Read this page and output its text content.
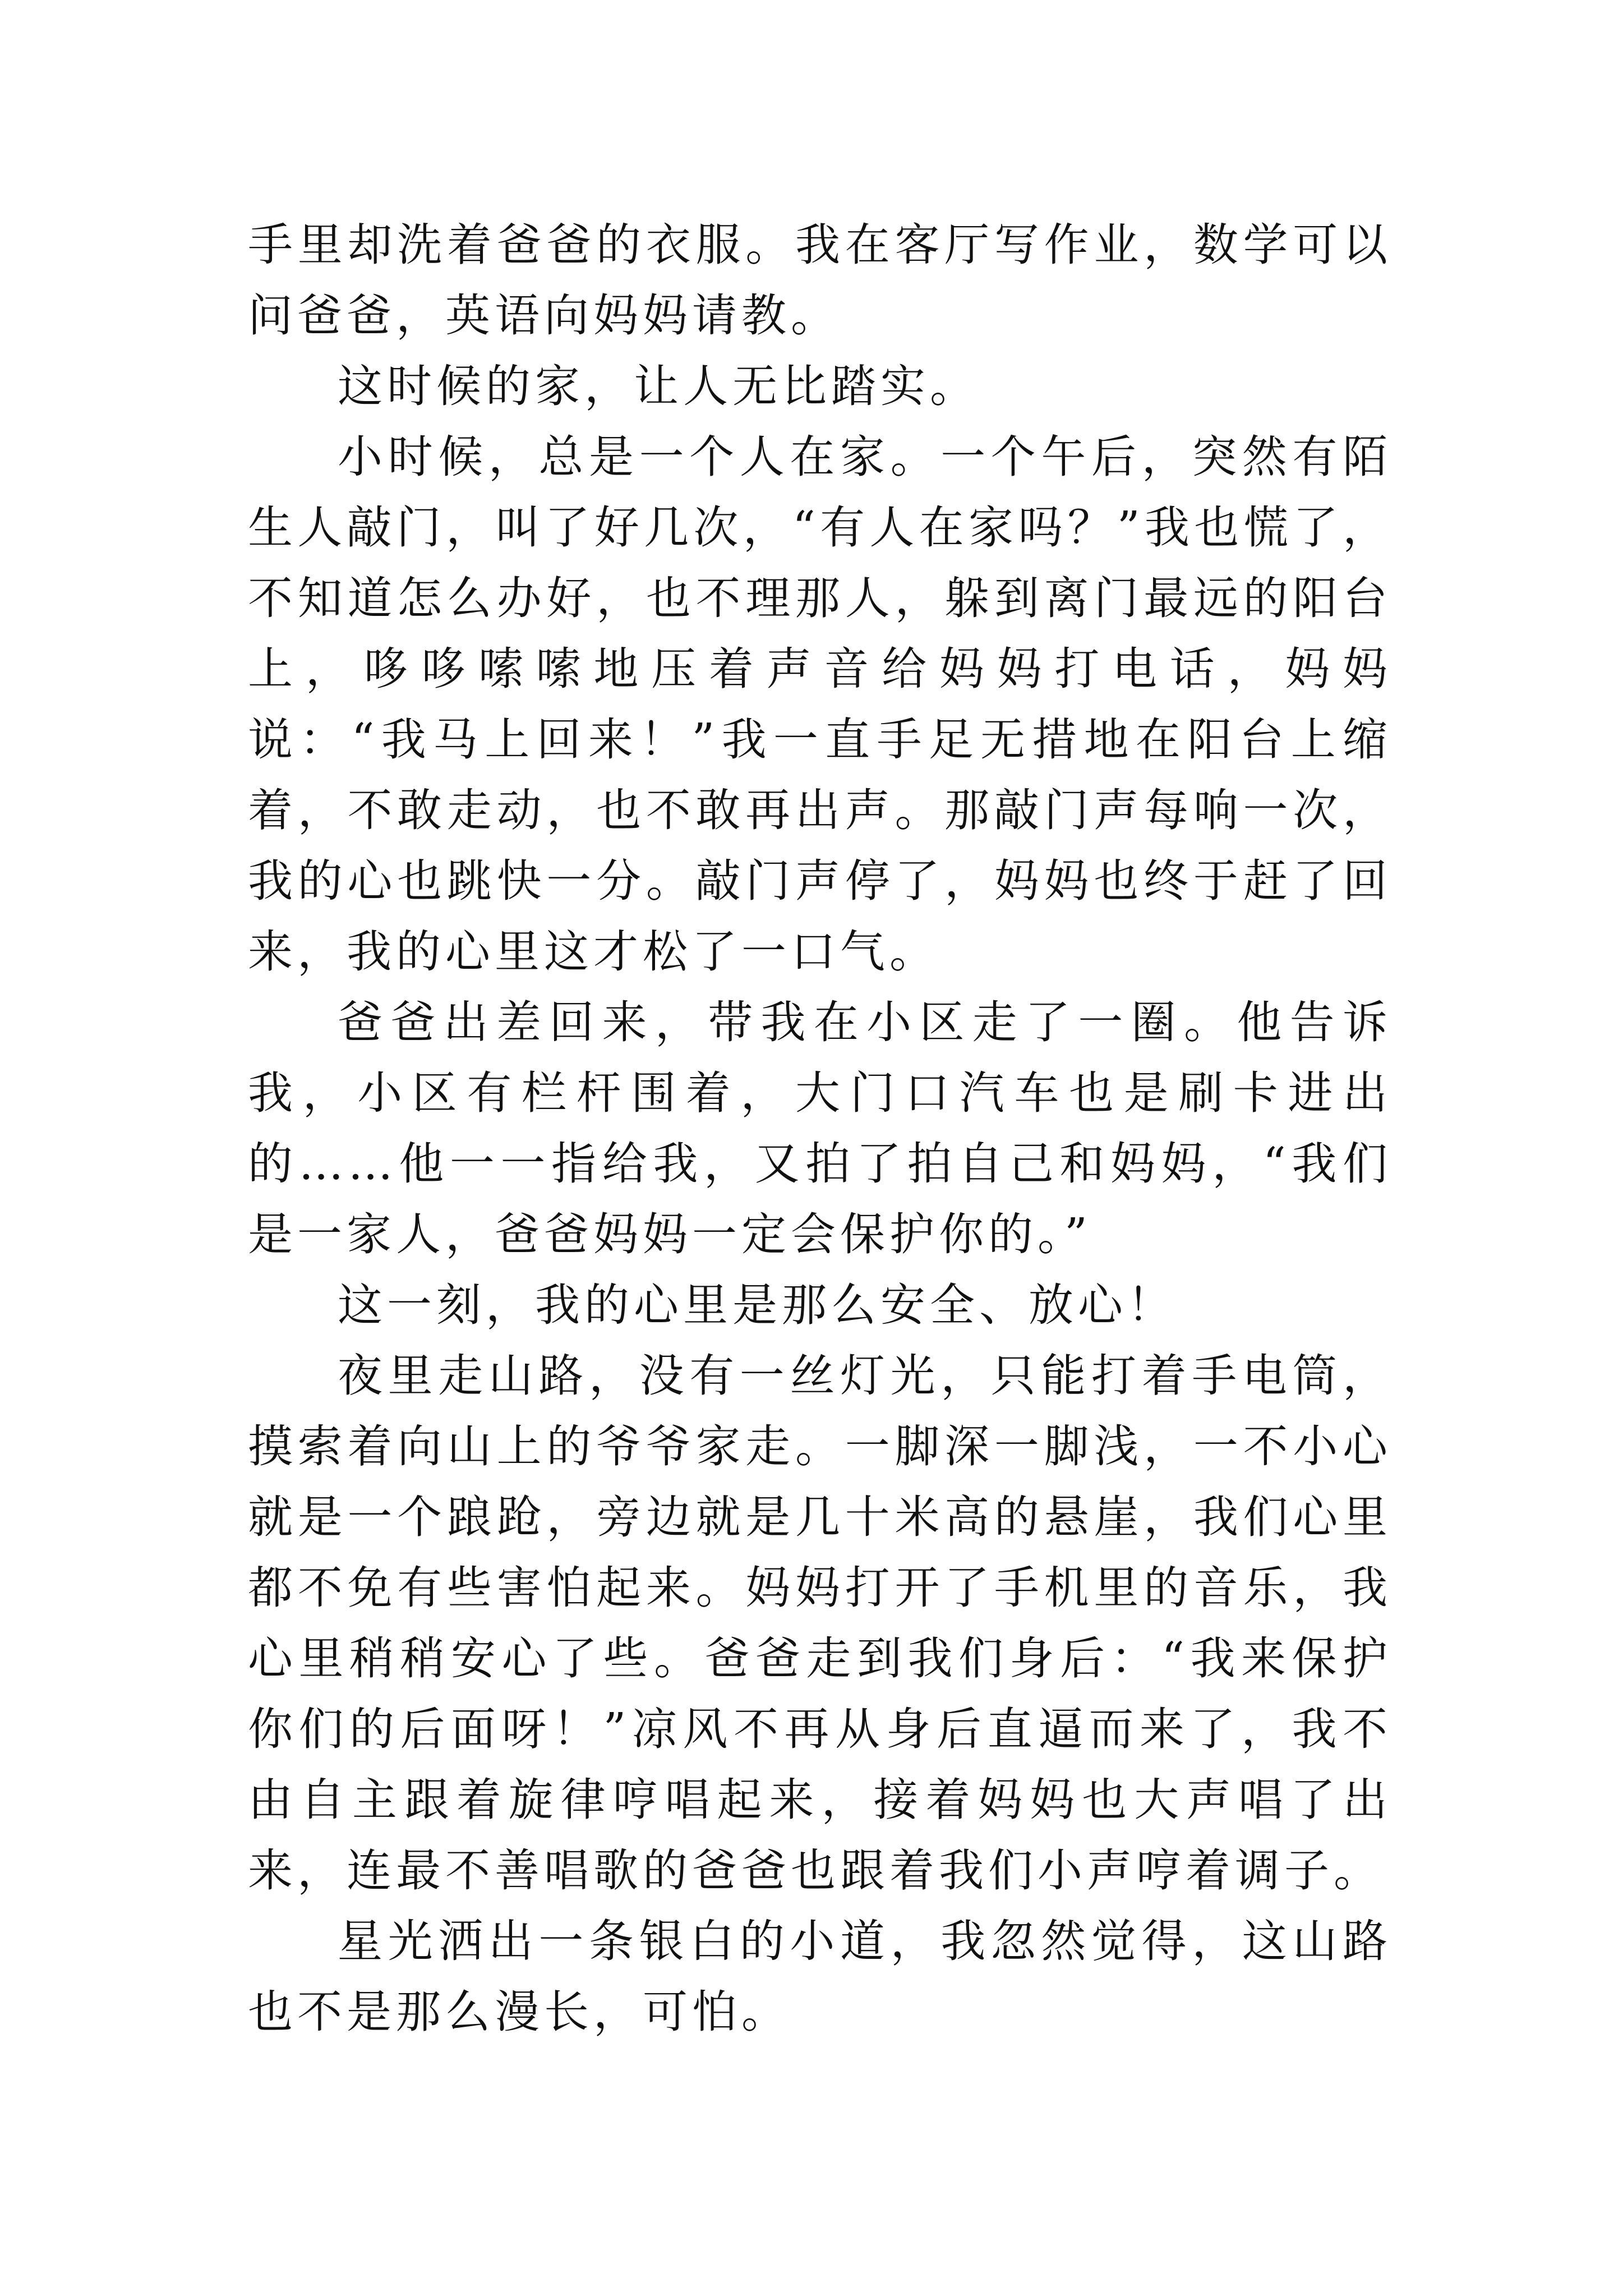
手里却洗着爸爸的衣服。我在客厅写作业，数学可以问爸爸，英语向妈妈请教。

这时候的家，让人无比踏实。

小时候，总是一个人在家。一个午后，突然有陌生人敲门，叫了好几次，“有人在家吗？”我也慌了，不知道怎么办好，也不理那人，躲到离门最远的阳台上，哆哆嗦嗦地压着声音给妈妈打电话，妈妈说：“我马上回来！”我一直手足无措地在阳台上缩着，不敢走动，也不敢再出声。那敲门声每响一次，我的心也跳快一分。敲门声停了，妈妈也终于赶了回来，我的心里这才松了一口气。

爸爸出差回来，带我在小区走了一圈。他告诉我，小区有栏杆围着，大门口汽车也是刷卡进出的……他一一指给我，又拍了拍自己和妈妈，“我们是一家人，爸爸妈妈一定会保护你的。”

这一刻，我的心里是那么安全、放心！

夜里走山路，没有一丝灯光，只能打着手电筒，摸索着向山上的爷爷家走。一脚深一脚浅，一不小心就是一个踉跄，旁边就是几十米高的悬崖，我们心里都不免有些害怕起来。妈妈打开了手机里的音乐，我心里稍稍安心了些。爸爸走到我们身后：“我来保护你们的后面呀！”凉风不再从身后直逼而来了，我不由自主跟着旋律哼唱起来，接着妈妈也大声唱了出来，连最不善唱歌的爸爸也跟着我们小声哼着调子。

星光洒出一条银白的小道，我忽然觉得，这山路也不是那么漫长，可怕。
